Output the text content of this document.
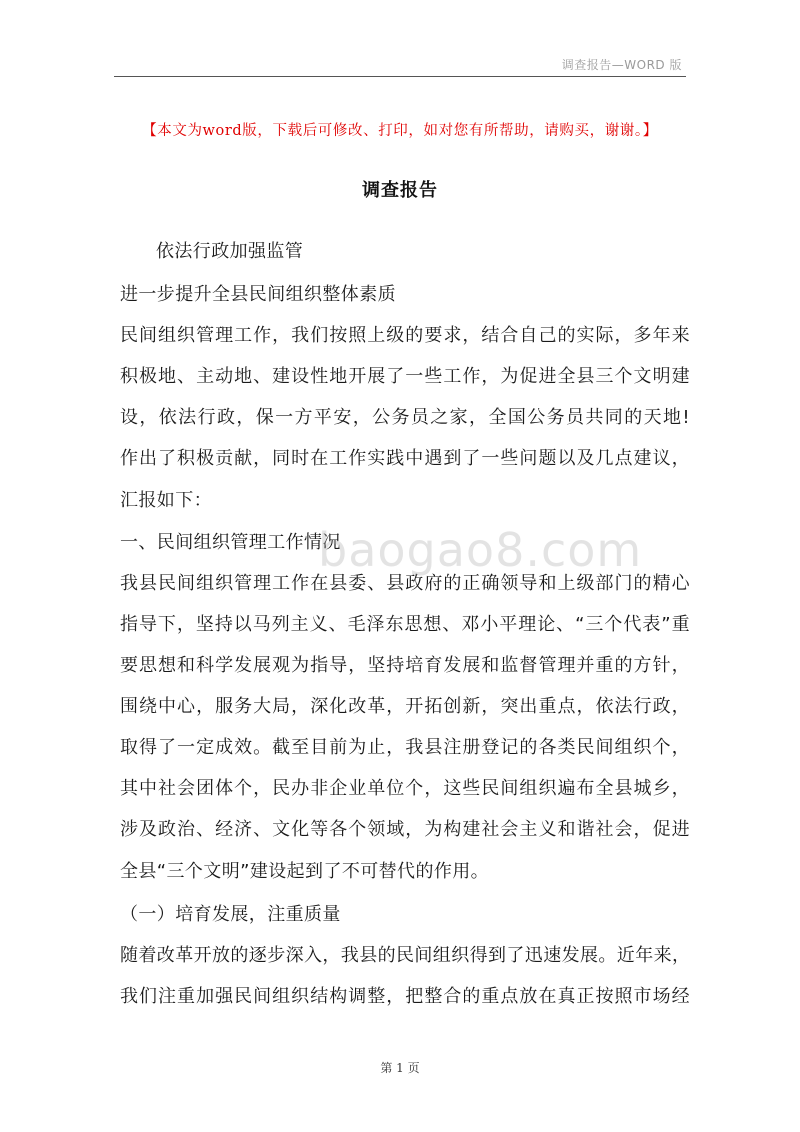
调查报告—WORD 版
【本文为word版，下载后可修改、打印，如对您有所帮助，请购买，谢谢。】
调查报告
依法行政加强监管
进一步提升全县民间组织整体素质
民间组织管理工作，我们按照上级的要求，结合自己的实际，多年来
积极地、主动地、建设性地开展了一些工作，为促进全县三个文明建
设，依法行政，保一方平安，公务员之家，全国公务员共同的天地!
作出了积极贡献，同时在工作实践中遇到了一些问题以及几点建议，
汇报如下：
一、民间组织管理工作情况
我县民间组织管理工作在县委、县政府的正确领导和上级部门的精心
指导下，坚持以马列主义、毛泽东思想、邓小平理论、“三个代表”重
要思想和科学发展观为指导，坚持培育发展和监督管理并重的方针，
围绕中心，服务大局，深化改革，开拓创新，突出重点，依法行政，
取得了一定成效。截至目前为止，我县注册登记的各类民间组织个，
其中社会团体个，民办非企业单位个，这些民间组织遍布全县城乡，
涉及政治、经济、文化等各个领域，为构建社会主义和谐社会，促进
全县“三个文明”建设起到了不可替代的作用。
（一）培育发展，注重质量
随着改革开放的逐步深入，我县的民间组织得到了迅速发展。近年来，
我们注重加强民间组织结构调整，把整合的重点放在真正按照市场经
baogao8.com
第 1 页
